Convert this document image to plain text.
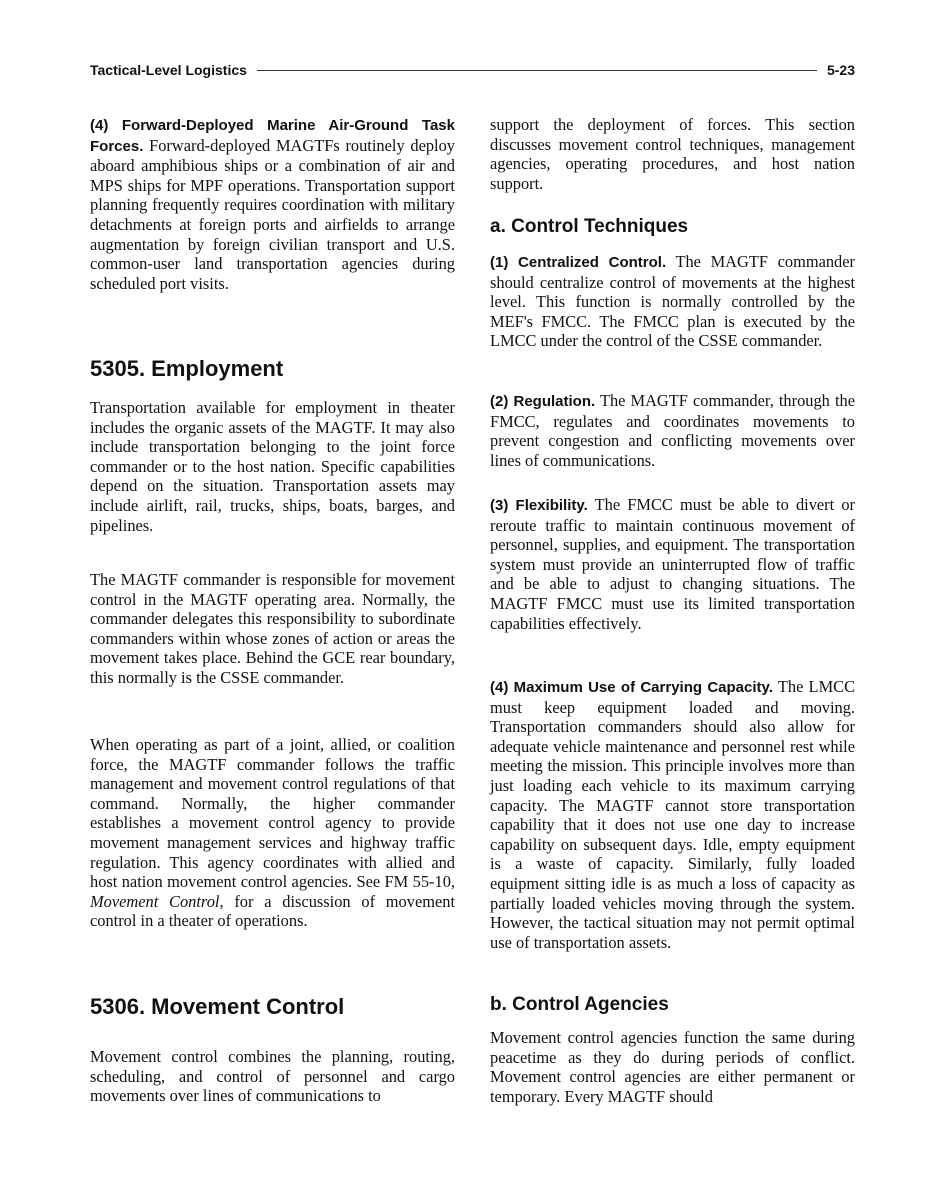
Tactical-Level Logistics	5-23
(4) Forward-Deployed Marine Air-Ground Task Forces. Forward-deployed MAGTFs routinely deploy aboard amphibious ships or a combination of air and MPS ships for MPF operations. Transportation support planning frequently requires coordination with military detachments at foreign ports and airfields to arrange augmentation by foreign civilian transport and U.S. common-user land transportation agencies during scheduled port visits.
5305. Employment
Transportation available for employment in theater includes the organic assets of the MAGTF. It may also include transportation belonging to the joint force commander or to the host nation. Specific capabilities depend on the situation. Transportation assets may include airlift, rail, trucks, ships, boats, barges, and pipelines.
The MAGTF commander is responsible for movement control in the MAGTF operating area. Normally, the commander delegates this responsibility to subordinate commanders within whose zones of action or areas the movement takes place. Behind the GCE rear boundary, this normally is the CSSE commander.
When operating as part of a joint, allied, or coalition force, the MAGTF commander follows the traffic management and movement control regulations of that command. Normally, the higher commander establishes a movement control agency to provide movement management services and highway traffic regulation. This agency coordinates with allied and host nation movement control agencies. See FM 55-10, Movement Control, for a discussion of movement control in a theater of operations.
5306. Movement Control
Movement control combines the planning, routing, scheduling, and control of personnel and cargo movements over lines of communications to
support the deployment of forces. This section discusses movement control techniques, management agencies, operating procedures, and host nation support.
a. Control Techniques
(1) Centralized Control. The MAGTF commander should centralize control of movements at the highest level. This function is normally controlled by the MEF's FMCC. The FMCC plan is executed by the LMCC under the control of the CSSE commander.
(2) Regulation. The MAGTF commander, through the FMCC, regulates and coordinates movements to prevent congestion and conflicting movements over lines of communications.
(3) Flexibility. The FMCC must be able to divert or reroute traffic to maintain continuous movement of personnel, supplies, and equipment. The transportation system must provide an uninterrupted flow of traffic and be able to adjust to changing situations. The MAGTF FMCC must use its limited transportation capabilities effectively.
(4) Maximum Use of Carrying Capacity. The LMCC must keep equipment loaded and moving. Transportation commanders should also allow for adequate vehicle maintenance and personnel rest while meeting the mission. This principle involves more than just loading each vehicle to its maximum carrying capacity. The MAGTF cannot store transportation capability that it does not use one day to increase capability on subsequent days. Idle, empty equipment is a waste of capacity. Similarly, fully loaded equipment sitting idle is as much a loss of capacity as partially loaded vehicles moving through the system. However, the tactical situation may not permit optimal use of transportation assets.
b. Control Agencies
Movement control agencies function the same during peacetime as they do during periods of conflict. Movement control agencies are either permanent or temporary. Every MAGTF should
